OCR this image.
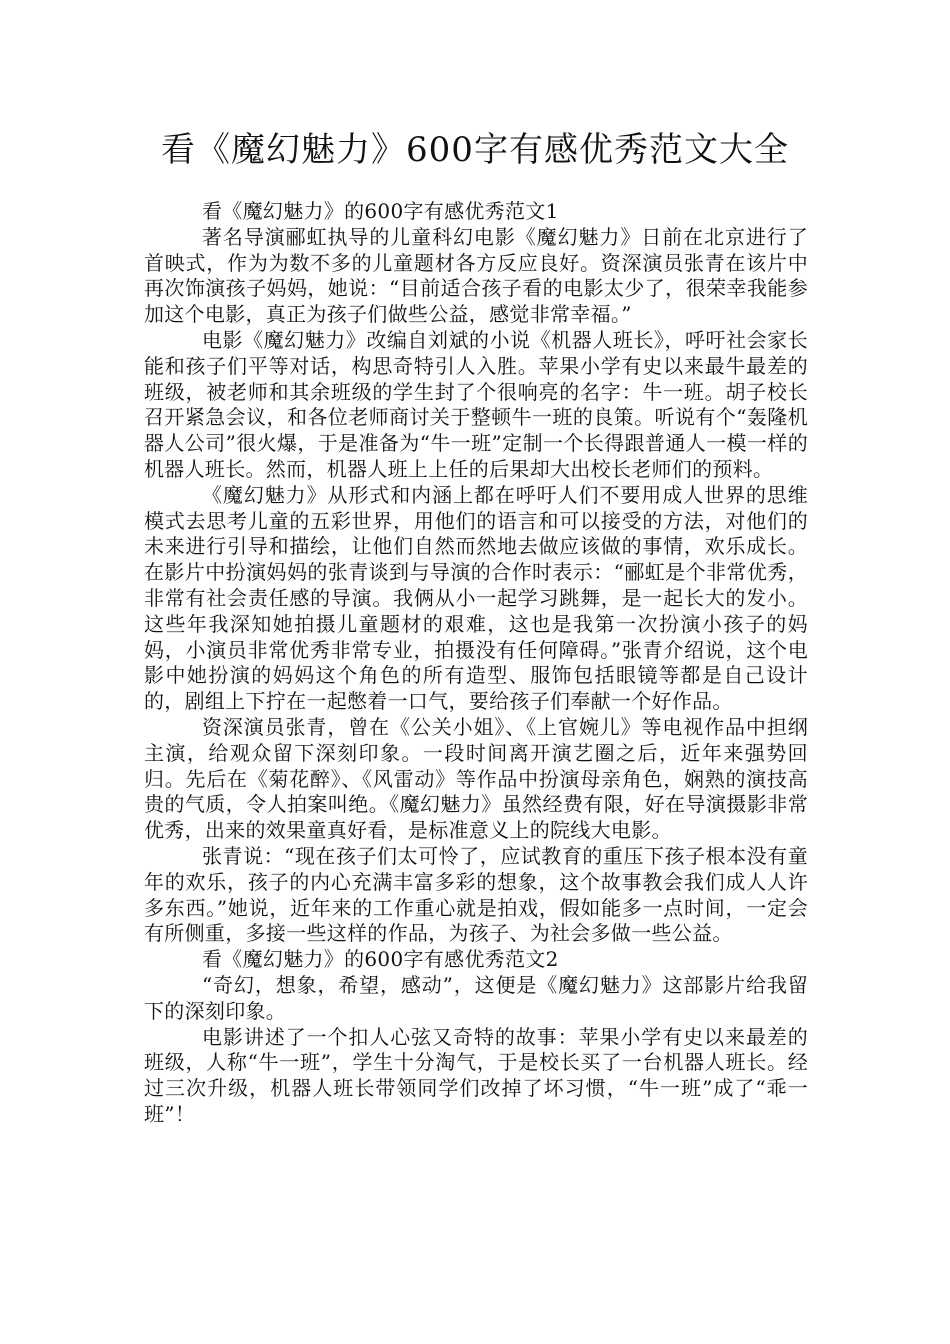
看《魔幻魅力》600字有感优秀范文大全

看《魔幻魅力》的600字有感优秀范文1

著名导演郦虹执导的儿童科幻电影《魔幻魅力》日前在北京进行了首映式，作为为数不多的儿童题材各方反应良好。资深演员张青在该片中再次饰演孩子妈妈，她说：“目前适合孩子看的电影太少了，很荣幸我能参加这个电影，真正为孩子们做些公益，感觉非常幸福。”

电影《魔幻魅力》改编自刘斌的小说《机器人班长》，呼吁社会家长能和孩子们平等对话，构思奇特引人入胜。苹果小学有史以来最牛最差的班级，被老师和其余班级的学生封了个很响亮的名字：牛一班。胡子校长召开紧急会议，和各位老师商讨关于整顿牛一班的良策。听说有个“轰隆机器人公司”很火爆，于是准备为“牛一班”定制一个长得跟普通人一模一样的机器人班长。然而，机器人班上上任的后果却大出校长老师们的预料。

《魔幻魅力》从形式和内涵上都在呼吁人们不要用成人世界的思维模式去思考儿童的五彩世界，用他们的语言和可以接受的方法，对他们的未来进行引导和描绘，让他们自然而然地去做应该做的事情，欢乐成长。在影片中扮演妈妈的张青谈到与导演的合作时表示：“郦虹是个非常优秀，非常有社会责任感的导演。我俩从小一起学习跳舞，是一起长大的发小。这些年我深知她拍摄儿童题材的艰难，这也是我第一次扮演小孩子的妈妈，小演员非常优秀非常专业，拍摄没有任何障碍。”张青介绍说，这个电影中她扮演的妈妈这个角色的所有造型、服饰包括眼镜等都是自己设计的，剧组上下拧在一起憋着一口气，要给孩子们奉献一个好作品。

资深演员张青，曾在《公关小姐》、《上官婉儿》等电视作品中担纲主演，给观众留下深刻印象。一段时间离开演艺圈之后，近年来强势回归。先后在《菊花醉》、《风雷动》等作品中扮演母亲角色，娴熟的演技高贵的气质，令人拍案叫绝。《魔幻魅力》虽然经费有限，好在导演摄影非常优秀，出来的效果童真好看，是标准意义上的院线大电影。

张青说：“现在孩子们太可怜了，应试教育的重压下孩子根本没有童年的欢乐，孩子的内心充满丰富多彩的想象，这个故事教会我们成人人许多东西。”她说，近年来的工作重心就是拍戏，假如能多一点时间，一定会有所侧重，多接一些这样的作品，为孩子、为社会多做一些公益。

看《魔幻魅力》的600字有感优秀范文2

“奇幻，想象，希望，感动”，这便是《魔幻魅力》这部影片给我留下的深刻印象。

电影讲述了一个扣人心弦又奇特的故事：苹果小学有史以来最差的班级，人称“牛一班”，学生十分淘气，于是校长买了一台机器人班长。经过三次升级，机器人班长带领同学们改掉了坏习惯，“牛一班”成了“乖一班”！
